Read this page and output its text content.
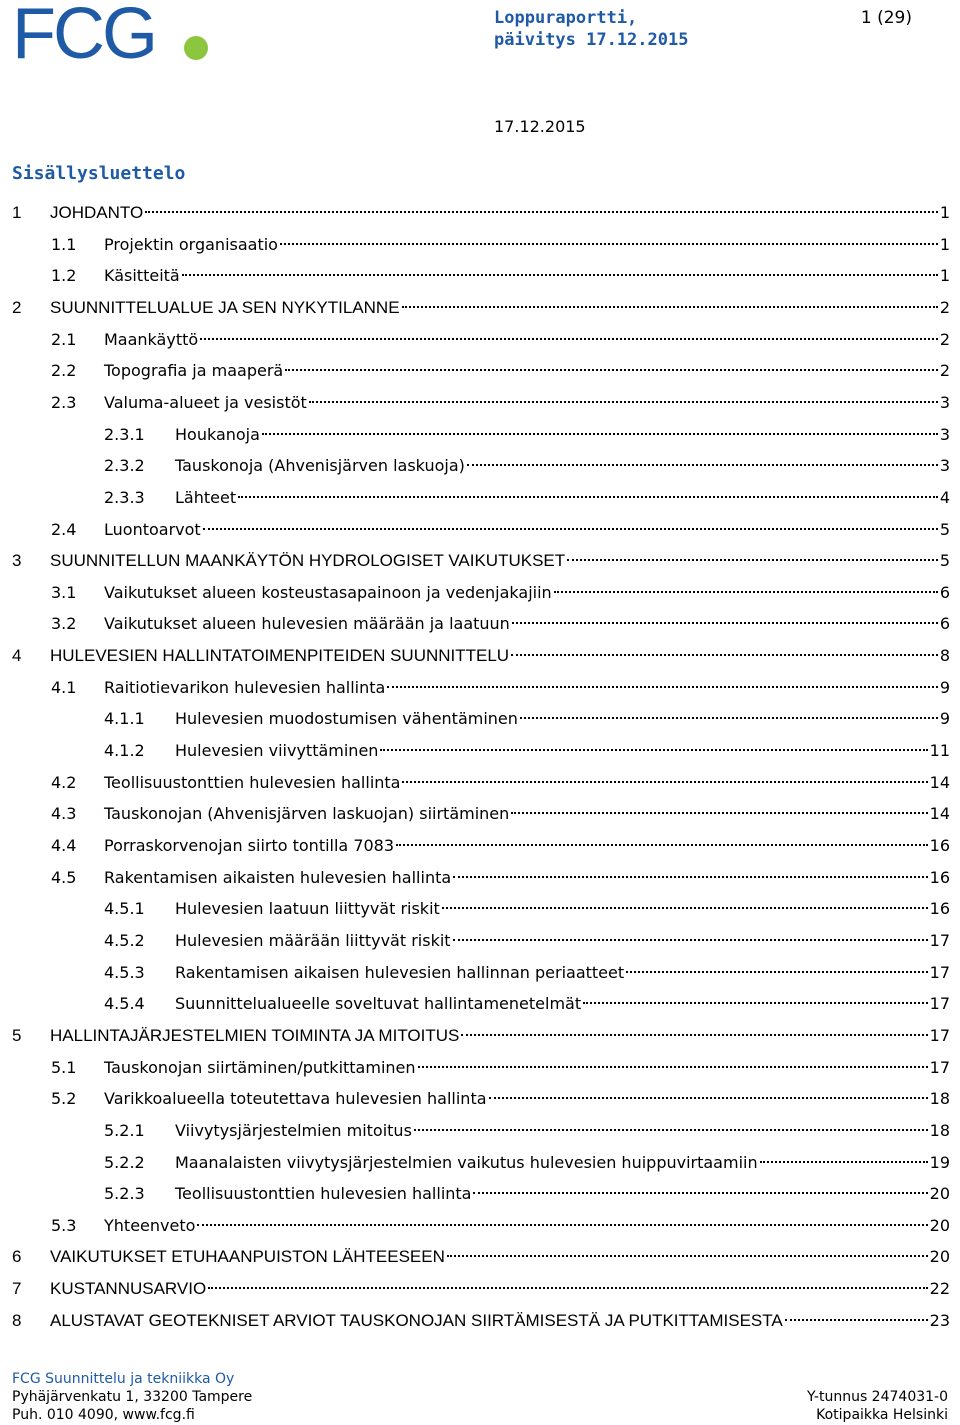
FCG	Loppuraportti,
päivitys 17.12.2015
1 (29)
17.12.2015
Sisällysluettelo
1	JOHDANTO	1
1.1	Projektin organisaatio	1
1.2	Käsitteitä	1
2	SUUNNITTELUALUE JA SEN NYKYTILANNE	2
2.1	Maankäyttö	2
2.2	Topografia ja maaperä	2
2.3	Valuma-alueet ja vesistöt	3
2.3.1	Houkanoja	3
2.3.2	Tauskonoja (Ahvenisjärven laskuoja)	3
2.3.3	Lähteet	4
2.4	Luontoarvot	5
3	SUUNNITELLUN MAANKÄYTÖN HYDROLOGISET VAIKUTUKSET	5
3.1	Vaikutukset alueen kosteustasapainoon ja vedenjakajiin	6
3.2	Vaikutukset alueen hulevesien määrään ja laatuun	6
4	HULEVESIEN HALLINTATOIMENPITEIDEN SUUNNITTELU	8
4.1	Raitiotievarikon hulevesien hallinta	9
4.1.1	Hulevesien muodostumisen vähentäminen	9
4.1.2	Hulevesien viivyttäminen	11
4.2	Teollisuustonttien hulevesien hallinta	14
4.3	Tauskonojan (Ahvenisjärven laskuojan) siirtäminen	14
4.4	Porraskorvenojan siirto tontilla 7083	16
4.5	Rakentamisen aikaisten hulevesien hallinta	16
4.5.1	Hulevesien laatuun liittyvät riskit	16
4.5.2	Hulevesien määrään liittyvät riskit	17
4.5.3	Rakentamisen aikaisen hulevesien hallinnan periaatteet	17
4.5.4	Suunnittelualueelle soveltuvat hallintamenetelmät	17
5	HALLINTAJÄRJESTELMIEN TOIMINTA JA MITOITUS	17
5.1	Tauskonojan siirtäminen/putkittaminen	17
5.2	Varikkoalueella toteutettava hulevesien hallinta	18
5.2.1	Viivytysjärjestelmien mitoitus	18
5.2.2	Maanalaisten viivytysjärjestelmien vaikutus hulevesien huippuvirtaamiin	19
5.2.3	Teollisuustonttien hulevesien hallinta	20
5.3	Yhteenveto	20
6	VAIKUTUKSET ETUHAANPUISTON LÄHTEESEEN	20
7	KUSTANNUSARVIO	22
8	ALUSTAVAT GEOTEKNISET ARVIOT TAUSKONOJAN SIIRTÄMISESTÄ JA PUTKITTAMISESTA	23
FCG Suunnittelu ja tekniikka Oy
Pyhäjärvenkatu 1, 33200 Tampere
Puh. 010 4090, www.fcg.fi
Y-tunnus 2474031-0
Kotipaikka Helsinki
